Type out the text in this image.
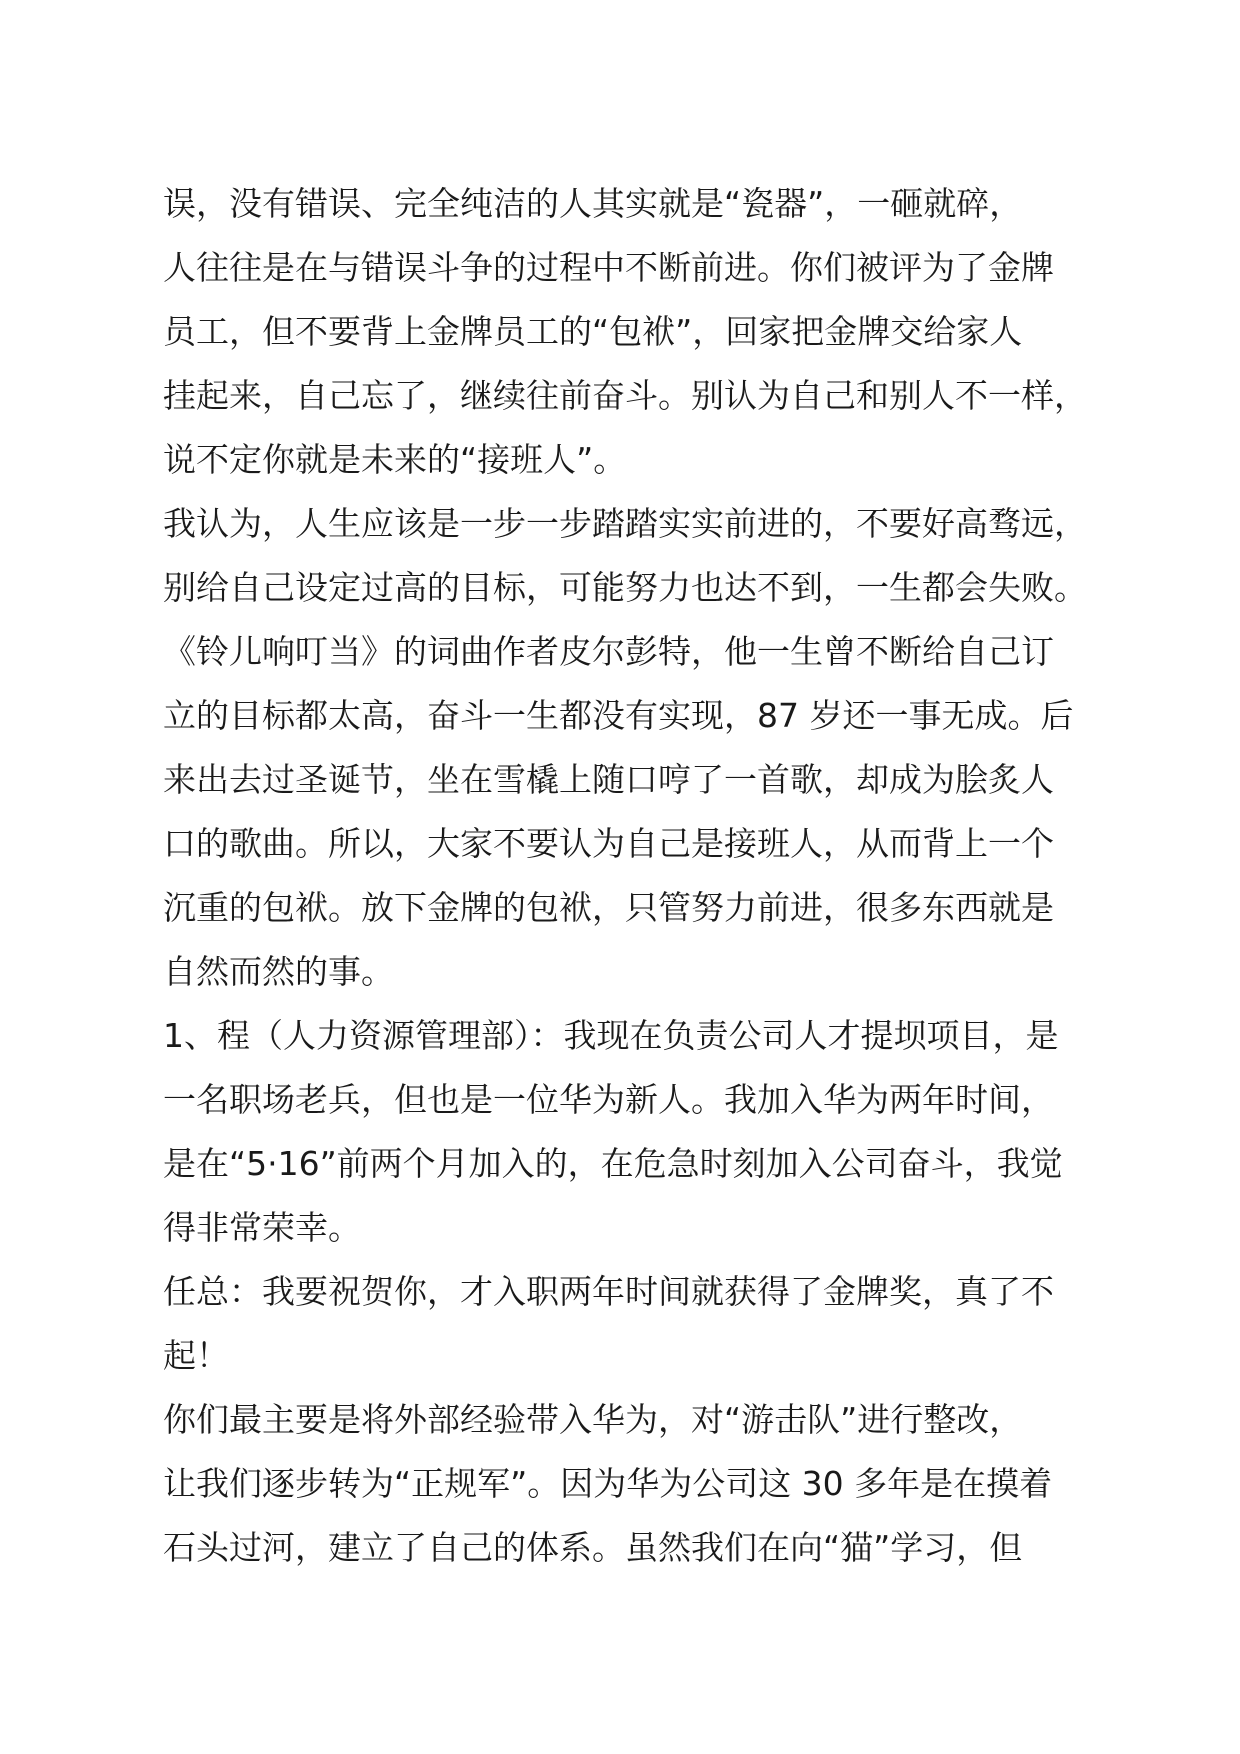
误，没有错误、完全纯洁的人其实就是“瓷器”，一砸就碎，
人往往是在与错误斗争的过程中不断前进。你们被评为了金牌
员工，但不要背上金牌员工的“包袱”，回家把金牌交给家人
挂起来，自己忘了，继续往前奋斗。别认为自己和别人不一样，
说不定你就是未来的“接班人”。
我认为，人生应该是一步一步踏踏实实前进的，不要好高骛远，
别给自己设定过高的目标，可能努力也达不到，一生都会失败。
《铃儿响叮当》的词曲作者皮尔彭特，他一生曾不断给自己订
立的目标都太高，奋斗一生都没有实现，87 岁还一事无成。后
来出去过圣诞节，坐在雪橇上随口哼了一首歌，却成为脍炙人
口的歌曲。所以，大家不要认为自己是接班人，从而背上一个
沉重的包袱。放下金牌的包袱，只管努力前进，很多东西就是
自然而然的事。
1、程（人力资源管理部）：我现在负责公司人才提坝项目，是
一名职场老兵，但也是一位华为新人。我加入华为两年时间，
是在“5·16”前两个月加入的，在危急时刻加入公司奋斗，我觉
得非常荣幸。
任总：我要祝贺你，才入职两年时间就获得了金牌奖，真了不
起！
你们最主要是将外部经验带入华为，对“游击队”进行整改，
让我们逐步转为“正规军”。因为华为公司这 30 多年是在摸着
石头过河，建立了自己的体系。虽然我们在向“猫”学习，但
